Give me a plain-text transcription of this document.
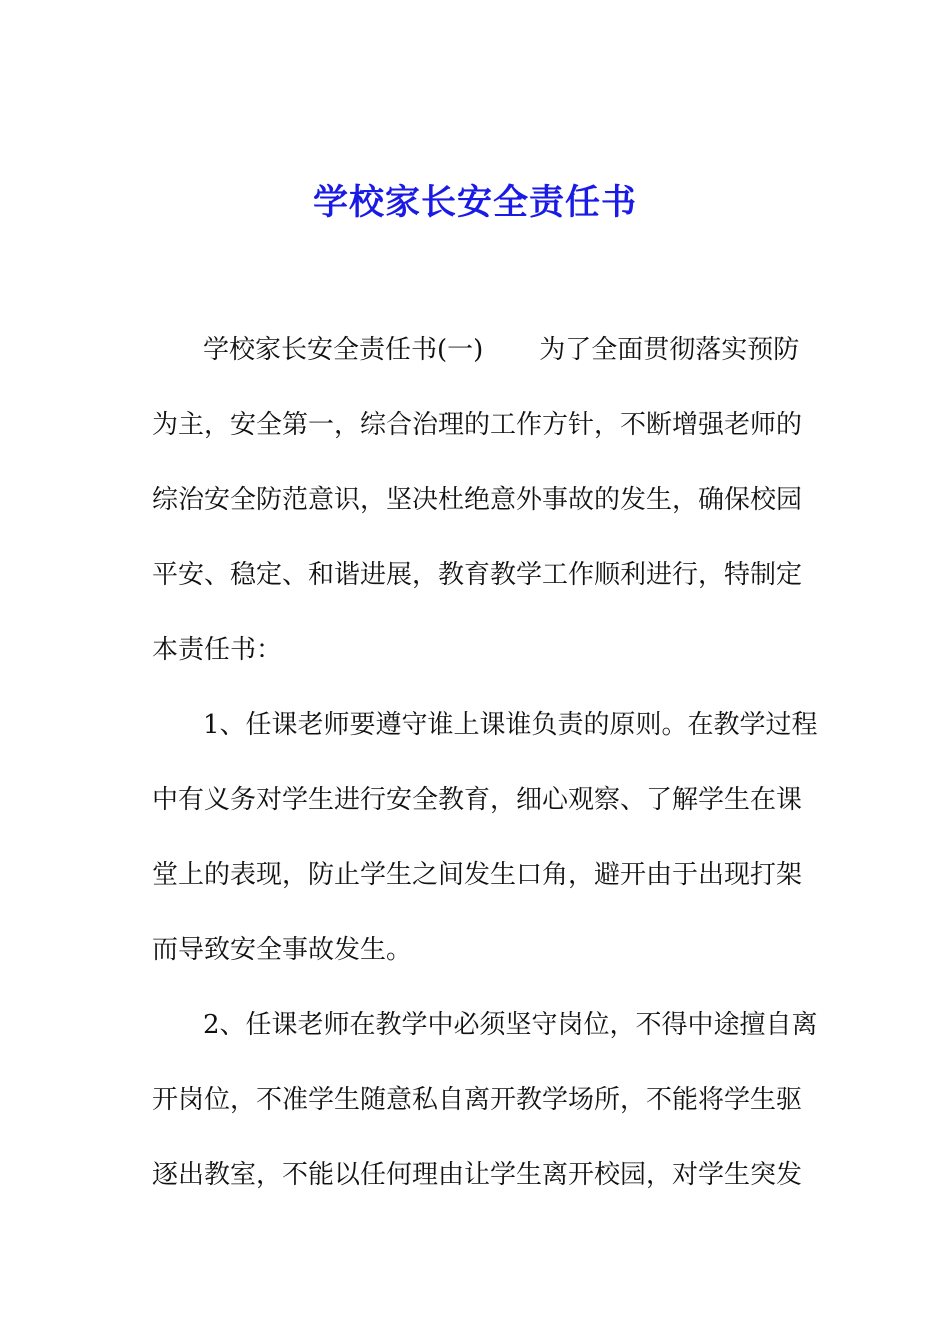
学校家长安全责任书
学校家长安全责任书(一) 为了全面贯彻落实预防
为主，安全第一，综合治理的工作方针，不断增强老师的
综治安全防范意识，坚决杜绝意外事故的发生，确保校园
平安、稳定、和谐进展，教育教学工作顺利进行，特制定
本责任书：
1、任课老师要遵守谁上课谁负责的原则。在教学过程
中有义务对学生进行安全教育，细心观察、了解学生在课
堂上的表现，防止学生之间发生口角，避开由于出现打架
而导致安全事故发生。
2、任课老师在教学中必须坚守岗位，不得中途擅自离
开岗位，不准学生随意私自离开教学场所，不能将学生驱
逐出教室，不能以任何理由让学生离开校园，对学生突发
